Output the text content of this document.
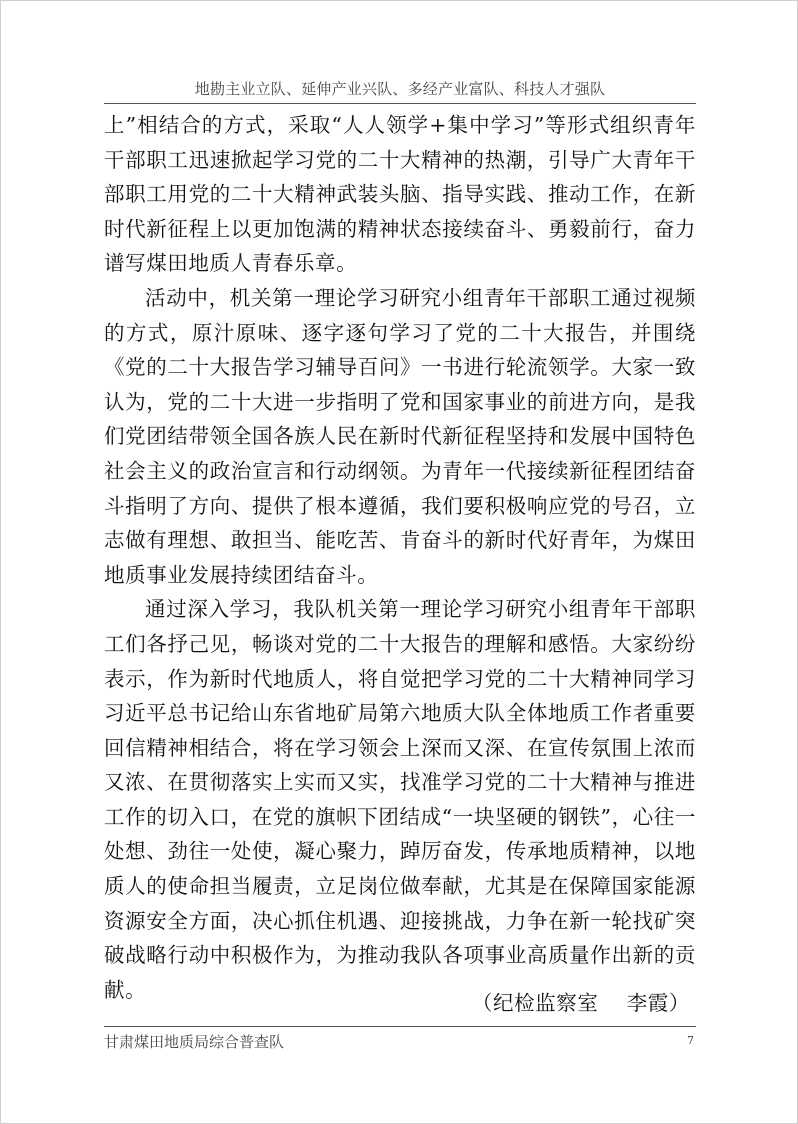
地勘主业立队、延伸产业兴队、多经产业富队、科技人才强队

上”相结合的方式，采取“人人领学+集中学习”等形式组织青年干部职工迅速掀起学习党的二十大精神的热潮，引导广大青年干部职工用党的二十大精神武装头脑、指导实践、推动工作，在新时代新征程上以更加饱满的精神状态接续奋斗、勇毅前行，奋力谱写煤田地质人青春乐章。

活动中，机关第一理论学习研究小组青年干部职工通过视频的方式，原汁原味、逐字逐句学习了党的二十大报告，并围绕《党的二十大报告学习辅导百问》一书进行轮流领学。大家一致认为，党的二十大进一步指明了党和国家事业的前进方向，是我们党团结带领全国各族人民在新时代新征程坚持和发展中国特色社会主义的政治宣言和行动纲领。为青年一代接续新征程团结奋斗指明了方向、提供了根本遵循，我们要积极响应党的号召，立志做有理想、敢担当、能吃苦、肯奋斗的新时代好青年，为煤田地质事业发展持续团结奋斗。

通过深入学习，我队机关第一理论学习研究小组青年干部职工们各抒己见，畅谈对党的二十大报告的理解和感悟。大家纷纷表示，作为新时代地质人，将自觉把学习党的二十大精神同学习习近平总书记给山东省地矿局第六地质大队全体地质工作者重要回信精神相结合，将在学习领会上深而又深、在宣传氛围上浓而又浓、在贯彻落实上实而又实，找准学习党的二十大精神与推进工作的切入口，在党的旗帜下团结成“一块坚硬的钢铁”，心往一处想、劲往一处使，凝心聚力，踔厉奋发，传承地质精神，以地质人的使命担当履责，立足岗位做奉献，尤其是在保障国家能源资源安全方面，决心抓住机遇、迎接挑战，力争在新一轮找矿突破战略行动中积极作为，为推动我队各项事业高质量作出新的贡献。

（纪检监察室　 李霞）
甘肃煤田地质局综合普查队	7
